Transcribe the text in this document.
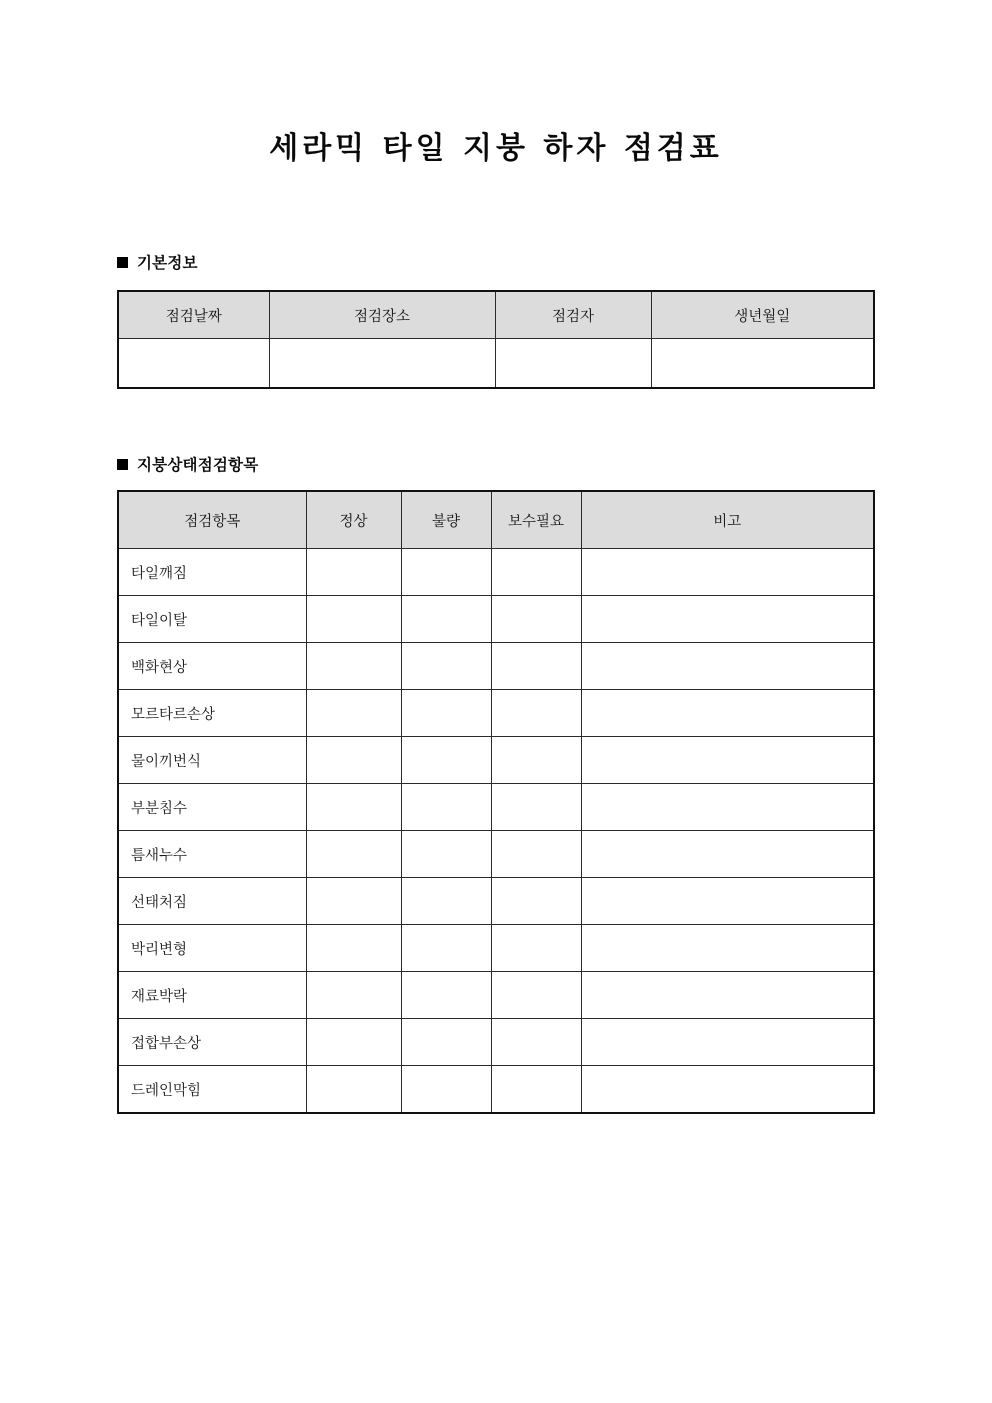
세라믹 타일 지붕 하자 점검표
기본정보
점검날짜	점검장소	점검자	생년월일

지붕상태점검항목
점검항목	정상	불량	보수필요	비고
타일깨짐				
타일이탈				
백화현상				
모르타르손상				
물이끼번식				
부분침수				
틈새누수				
선태처짐				
박리변형				
재료박락				
접합부손상				
드레인막힘				
